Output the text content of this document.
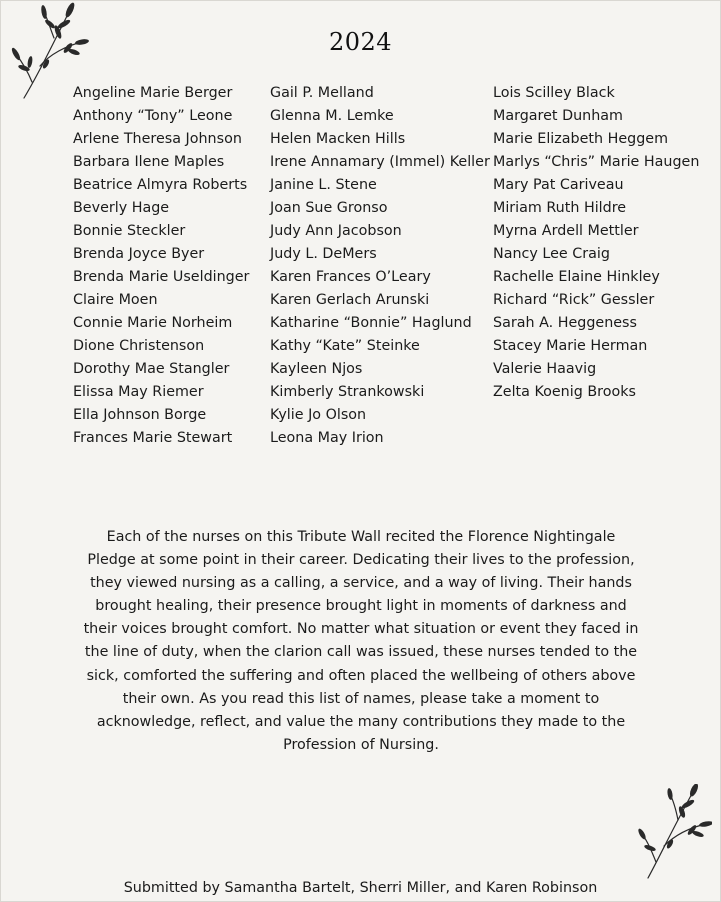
2024
Angeline Marie Berger
Anthony “Tony” Leone
Arlene Theresa Johnson
Barbara Ilene Maples
Beatrice Almyra Roberts
Beverly Hage
Bonnie Steckler
Brenda Joyce Byer
Brenda Marie Useldinger
Claire Moen
Connie Marie Norheim
Dione Christenson
Dorothy Mae Stangler
Elissa May Riemer
Ella Johnson Borge
Frances Marie Stewart
Gail P. Melland
Glenna M. Lemke
Helen Macken Hills
Irene Annamary (Immel) Keller
Janine L. Stene
Joan Sue Gronso
Judy Ann Jacobson
Judy L. DeMers
Karen Frances O’Leary
Karen Gerlach Arunski
Katharine “Bonnie” Haglund
Kathy “Kate” Steinke
Kayleen Njos
Kimberly Strankowski
Kylie Jo Olson
Leona May Irion
Lois Scilley Black
Margaret Dunham
Marie Elizabeth Heggem
Marlys “Chris” Marie Haugen
Mary Pat Cariveau
Miriam Ruth Hildre
Myrna Ardell Mettler
Nancy Lee Craig
Rachelle Elaine Hinkley
Richard “Rick” Gessler
Sarah A. Heggeness
Stacey Marie Herman
Valerie Haavig
Zelta Koenig Brooks
Each of the nurses on this Tribute Wall recited the Florence Nightingale
Pledge at some point in their career. Dedicating their lives to the profession,
they viewed nursing as a calling, a service, and a way of living. Their hands
brought healing, their presence brought light in moments of darkness and
their voices brought comfort. No matter what situation or event they faced in
the line of duty, when the clarion call was issued, these nurses tended to the
sick, comforted the suffering and often placed the wellbeing of others above
their own. As you read this list of names, please take a moment to
acknowledge, reflect, and value the many contributions they made to the
Profession of Nursing.
Submitted by Samantha Bartelt, Sherri Miller, and Karen Robinson
